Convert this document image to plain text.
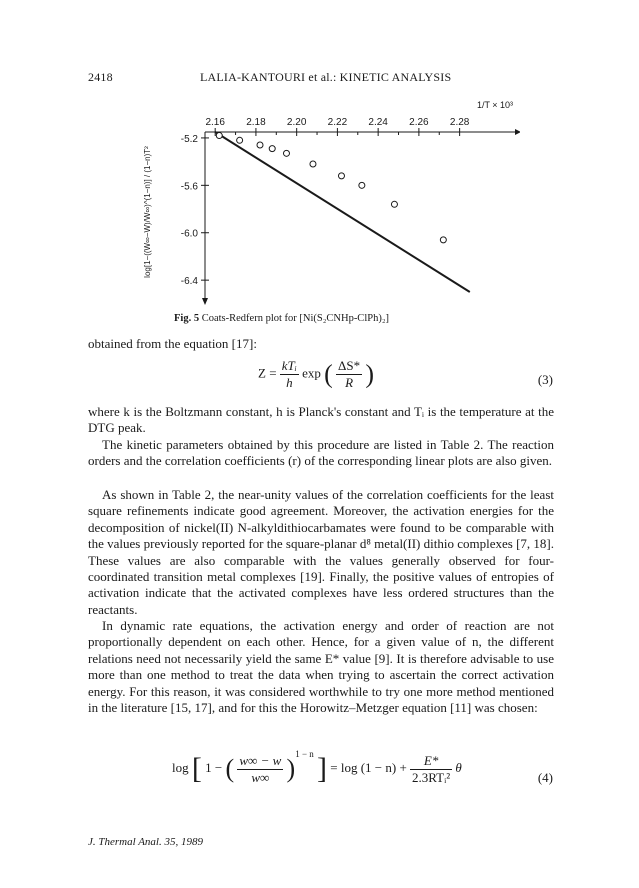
2418	LALIA-KANTOURI et al.: KINETIC ANALYSIS
2.16 2.18 2.20 2.22 2.24 2.26 2.28
-5.2
-5.6
-6.0
-6.4
1/T × 10³
log[1−((W∞−W)/W∞)^(1−n)] / (1−n)T²
Fig. 5 Coats-Redfern plot for [Ni(S₂CNHp-ClPh)₂]
obtained from the equation [17]:
$Z = \frac{\text{kTᵢ}}{h}$ exp ( $\frac{\Delta S*}{R}$ )	(3)
where k is the Boltzmann constant, h is Planck's constant and Tᵢ is the temperature at the DTG peak.
The kinetic parameters obtained by this procedure are listed in Table 2. The reaction orders and the correlation coefficients (r) of the corresponding linear plots are also given.
As shown in Table 2, the near-unity values of the correlation coefficients for the least square refinements indicate good agreement. Moreover, the activation energies for the decomposition of nickel(II) N-alkyldithiocarbamates were found to be comparable with the values previously reported for the square-planar d⁸ metal(II) dithio complexes [7, 18]. These values are also comparable with the values generally observed for four-coordinated transition metal complexes [19]. Finally, the positive values of entropies of activation indicate that the activated complexes have less ordered structures than the reactants.
In dynamic rate equations, the activation energy and order of reaction are not proportionally dependent on each other. Hence, for a given value of n, the different relations need not necessarily yield the same E* value [9]. It is therefore advisable to use more than one method to treat the data when trying to ascertain the correct activation energy. For this reason, it was considered worthwhile to try one more method mentioned in the literature [15, 17], and for this the Horowitz–Metzger equation [11] was chosen:
log [ 1 − ( $\frac{w\infty - w}{w\infty} )^{1 - n}$ ] = $\log (1 - n) + \frac{E*}{\text{2.3RTᵢ²}}$ θ
(4)
J. Thermal Anal. 35, 1989
